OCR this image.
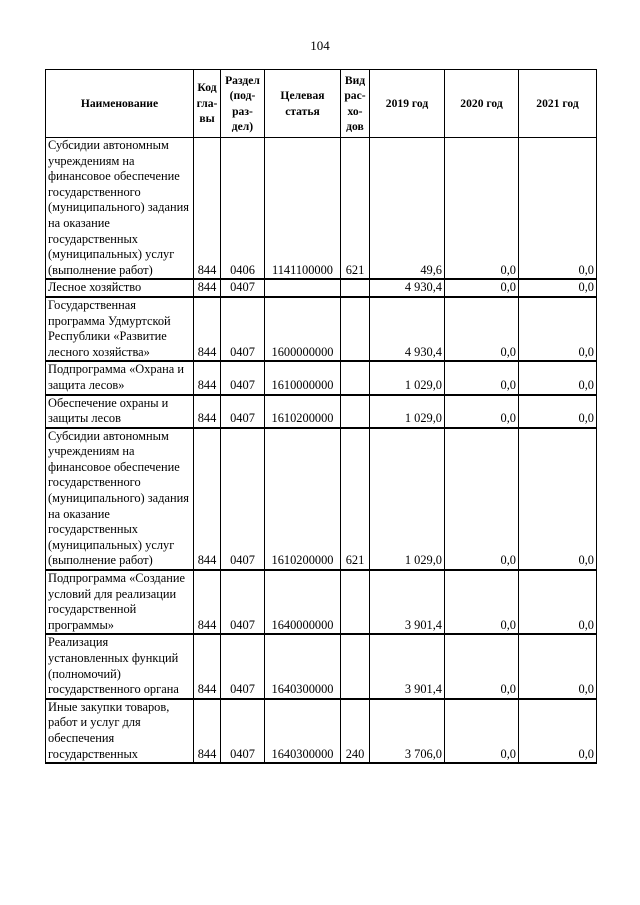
104
Наименование	Код гла-вы	Раздел (под-раз-дел)	Целевая статья	Вид рас-хо-дов	2019 год	2020 год	2021 год
Субсидии автономным учреждениям на финансовое обеспечение государственного (муниципального) задания на оказание государственных (муниципальных) услуг (выполнение работ)	844	0406	1141100000	621	49,6	0,0	0,0
Лесное хозяйство	844	0407			4 930,4	0,0	0,0
Государственная программа Удмуртской Республики «Развитие лесного хозяйства»	844	0407	1600000000		4 930,4	0,0	0,0
Подпрограмма «Охрана и защита лесов»	844	0407	1610000000		1 029,0	0,0	0,0
Обеспечение охраны и защиты лесов	844	0407	1610200000		1 029,0	0,0	0,0
Субсидии автономным учреждениям на финансовое обеспечение государственного (муниципального) задания на оказание государственных (муниципальных) услуг (выполнение работ)	844	0407	1610200000	621	1 029,0	0,0	0,0
Подпрограмма «Создание условий для реализации государственной программы»	844	0407	1640000000		3 901,4	0,0	0,0
Реализация установленных функций (полномочий) государственного органа	844	0407	1640300000		3 901,4	0,0	0,0
Иные закупки товаров, работ и услуг для обеспечения государственных	844	0407	1640300000	240	3 706,0	0,0	0,0
